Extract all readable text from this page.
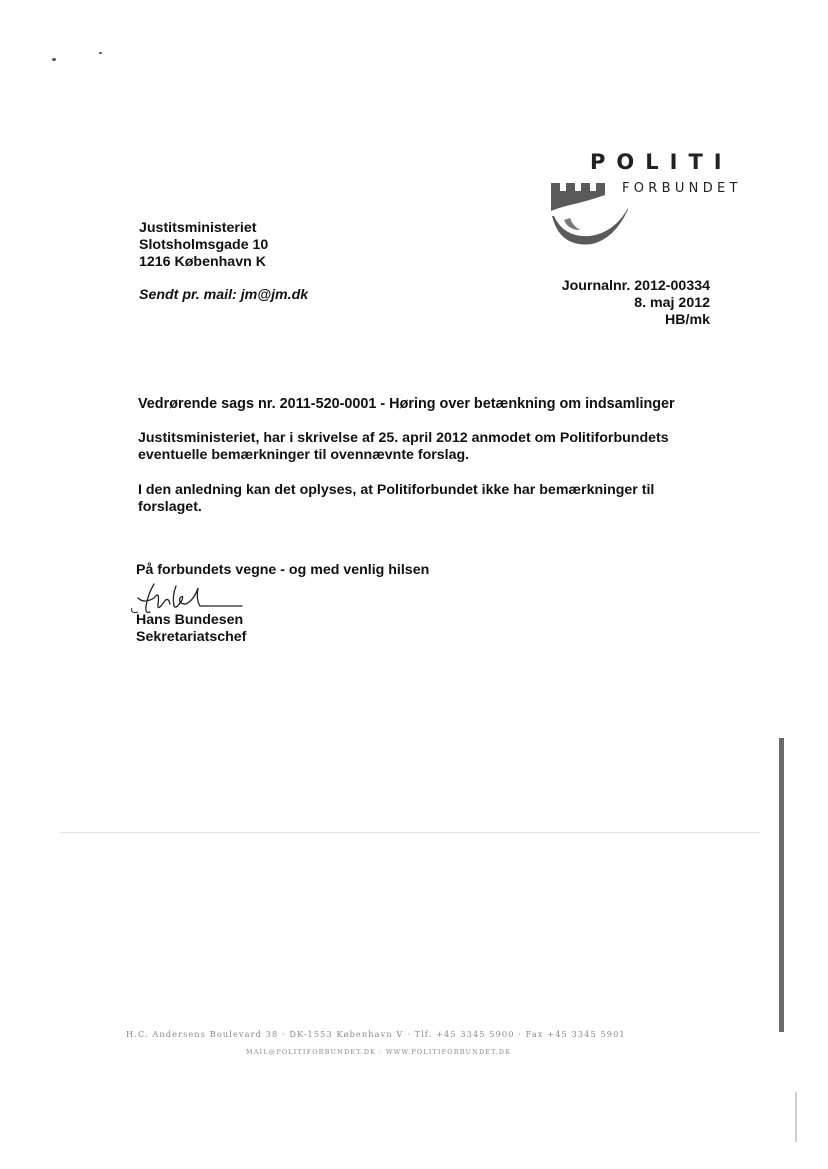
POLITI
FORBUNDET
Justitsministeriet
Slotsholmsgade 10
1216 København K
Sendt pr. mail: jm@jm.dk
Journalnr. 2012-00334
8. maj 2012
HB/mk
Vedrørende sags nr. 2011-520-0001 - Høring over betænkning om indsamlinger
Justitsministeriet, har i skrivelse af 25. april 2012 anmodet om Politiforbundets eventuelle bemærkninger til ovennævnte forslag.
I den anledning kan det oplyses, at Politiforbundet ikke har bemærkninger til forslaget.
På forbundets vegne - og med venlig hilsen
Hans Bundesen
Sekretariatschef
H.C. Andersens Boulevard 38 · DK-1553 København V · Tlf. +45 3345 5900 · Fax +45 3345 5901
MAIL@POLITIFORBUNDET.DK · WWW.POLITIFORBUNDET.DK
